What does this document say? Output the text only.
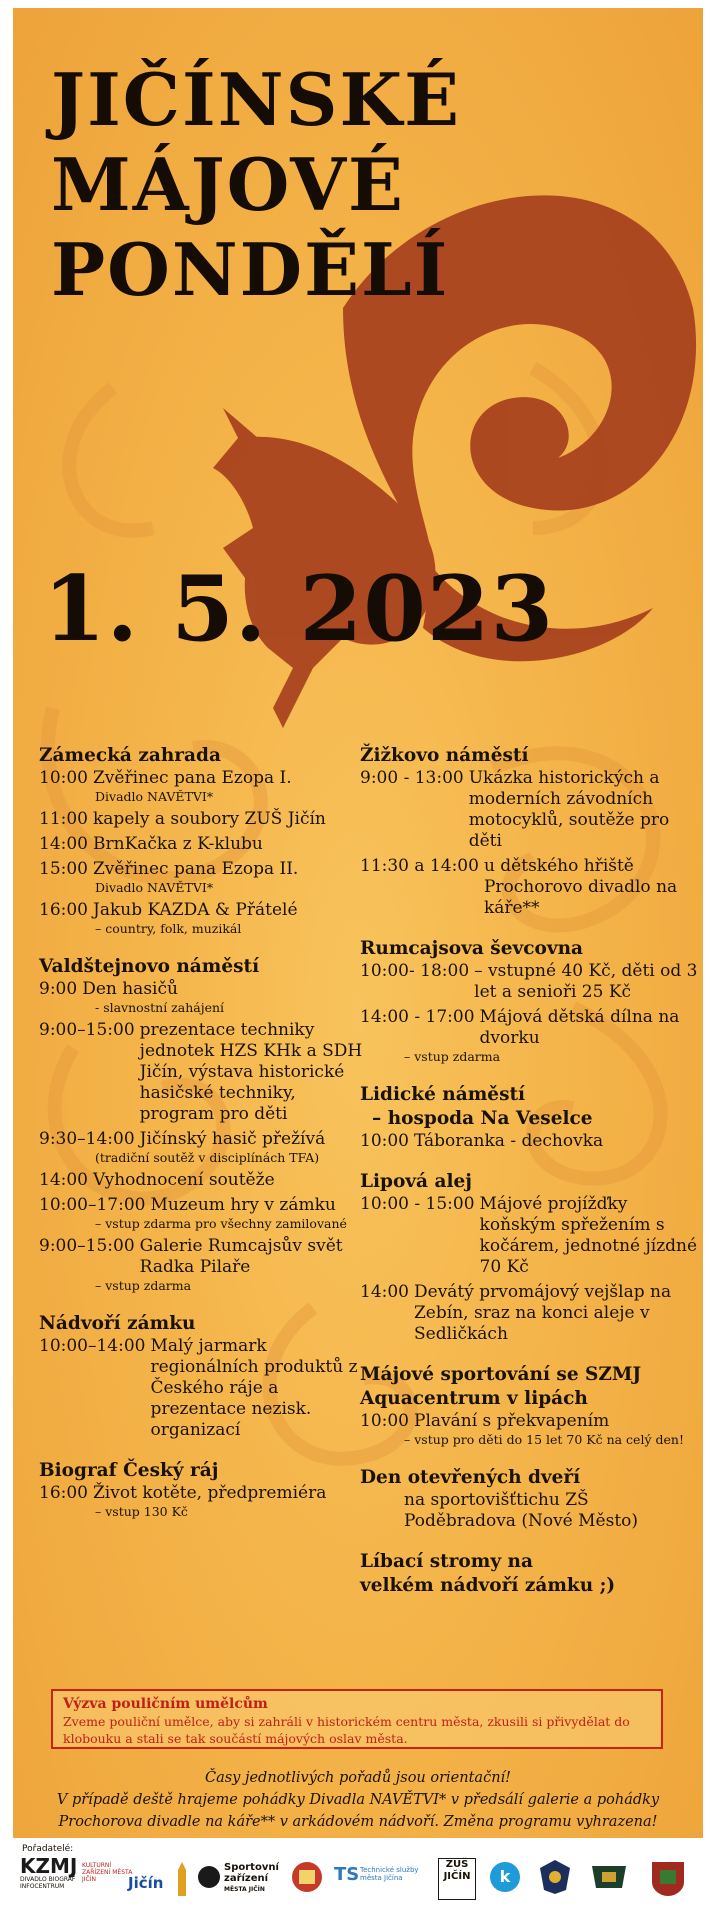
JIČÍNSKÉ
MÁJOVÉ
PONDĚLÍ
1. 5. 2023
Zámecká zahrada
10:00 Zvěřinec pana Ezopa I.
Divadlo NAVĚTVI*
11:00 kapely a soubory ZUŠ Jičín
14:00 BrnKačka z K-klubu
15:00 Zvěřinec pana Ezopa II.
Divadlo NAVĚTVI*
16:00 Jakub KAZDA & Přátelé
– country, folk, muzikál
Valdštejnovo náměstí
9:00 Den hasičů
- slavnostní zahájení
9:00–15:00 prezentace techniky jednotek HZS KHk a SDH Jičín, výstava historické hasičské techniky, program pro děti
9:30–14:00 Jičínský hasič přežívá
(tradiční soutěž v disciplínách TFA)
14:00 Vyhodnocení soutěže
10:00–17:00 Muzeum hry v zámku
– vstup zdarma pro všechny zamilované
9:00–15:00 Galerie Rumcajsův svět Radka Pilaře
– vstup zdarma
Nádvoří zámku
10:00–14:00 Malý jarmark regionálních produktů z Českého ráje a prezentace nezisk. organizací
Biograf Český ráj
16:00 Život kotěte, předpremiéra
– vstup 130 Kč
Žižkovo náměstí
9:00 - 13:00 Ukázka historických a moderních závodních motocyklů, soutěže pro děti
11:30 a 14:00 u dětského hřiště Prochorovo divadlo na káře**
Rumcajsova ševcovna
10:00- 18:00 – vstupné 40 Kč, děti od 3 let a senioři 25 Kč
14:00 - 17:00 Májová dětská dílna na dvorku
– vstup zdarma
Lidické náměstí
– hospoda Na Veselce
10:00 Táboranka - dechovka
Lipová alej
10:00 - 15:00 Májové projížďky koňským spřežením s kočárem, jednotné jízdné 70 Kč
14:00 Devátý prvomájový vejšlap na Zebín, sraz na konci aleje v Sedličkách
Májové sportování se SZMJ
Aquacentrum v lipách
10:00 Plavání s překvapením
– vstup pro děti do 15 let 70 Kč na celý den!
Den otevřených dveří
na sportovišťtichu ZŠ Poděbradova (Nové Město)
Líbací stromy na
velkém nádvoří zámku ;)
Výzva pouličním umělcům
Zveme pouliční umělce, aby si zahráli v historickém centru města, zkusili si přivydělat do klobouku a stali se tak součástí májových oslav města.
Časy jednotlivých pořadů jsou orientační!
V případě deště hrajeme pohádky Divadla NAVĚTVI* v předsálí galerie a pohádky
Prochorova divadle na káře** v arkádovém nádvoří. Změna programu vyhrazena!
Pořadatelé:
KZMJ
DIVADLO BIOGRAF INFOCENTRUM
KULTURNÍ ZAŘÍZENÍ MĚSTA JIČÍN	Jičín
Sportovní
zařízení
MĚSTA JIČÍN
TS Technické služby města Jičína
ZUŠ
JIČÍN	k
